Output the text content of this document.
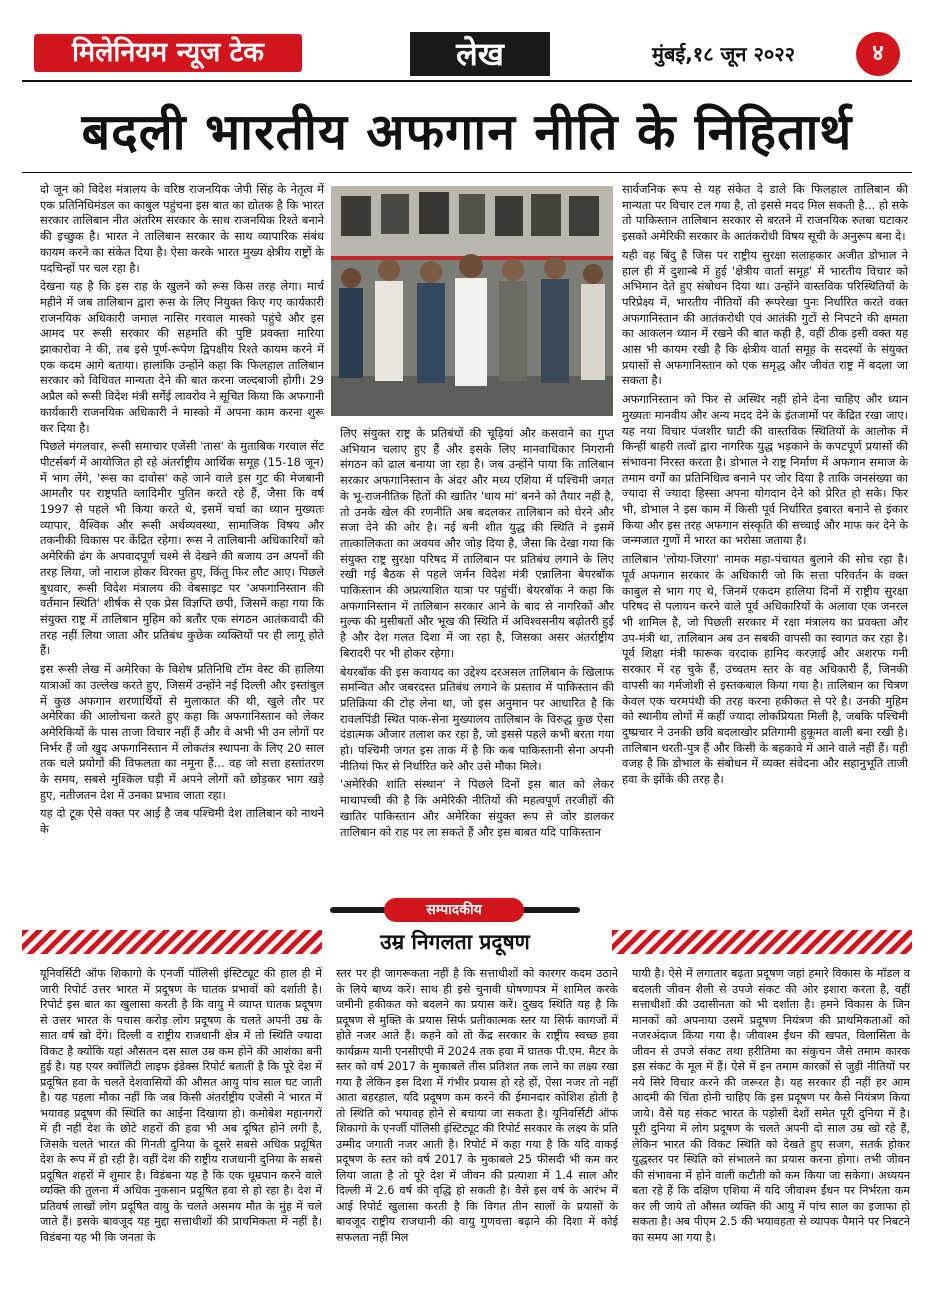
मिलेनियम न्यूज टेक	लेख	मुंबई,१८ जून २०२२	४
बदली भारतीय अफगान नीति के निहितार्थ

दो जून को विदेश मंत्रालय के वरिष्ठ राजनयिक जेपी सिंह के नेतृत्व में एक प्रतिनिधिमंडल का काबुल पहुंचना इस बात का द्योतक है कि भारत सरकार तालिबान नीत अंतरिम सरकार के साथ राजनयिक रिश्ते बनाने की इच्छुक है। भारत ने तालिबान सरकार के साथ व्यापारिक संबंध कायम करने का संकेत दिया है। ऐसा करके भारत मुख्य क्षेत्रीय राष्ट्रों के पदचिन्हों पर चल रहा है।

देखना यह है कि इस राह के खुलने को रूस किस तरह लेगा। मार्च महीने में जब तालिबान द्वारा रूस के लिए नियुक्त किए गए कार्यकारी राजनयिक अधिकारी जमाल नासिर गरवाल मास्को पहुंचे और इस आमद पर रूसी सरकार की सहमति की पुष्टि प्रवक्ता मारिया झाकारोवा ने की, तब इसे पूर्ण-रूपेण द्विपक्षीय रिश्ते कायम करने में एक कदम आगे बताया। हालांकि उन्होंने कहा कि फिलहाल तालिबान सरकार को विधिवत मान्यता देने की बात करना जल्दबाजी होगी। 29 अप्रैल को रूसी विदेश मंत्री सर्गेई लावरोव ने सूचित किया कि अफगानी कार्यकारी राजनयिक अधिकारी ने मास्को में अपना काम करना शुरू कर दिया है।

पिछले मंगलवार, रूसी समाचार एजेंसी 'तास' के मुताबिक गरवाल सेंट पीटर्सबर्ग में आयोजित हो रहे अंतर्राष्ट्रीय आर्थिक समूह (15-18 जून) में भाग लेंगे, 'रूस का दावोस' कहे जाने वाले इस गुट की मेजबानी आमतौर पर राष्ट्रपति व्लादिमीर पुतिन करते रहे हैं, जैसा कि वर्ष 1997 से पहले भी किया करते थे, इसमें चर्चा का ध्यान मुख्यतः व्यापार, वैश्विक और रूसी अर्थव्यवस्था, सामाजिक विषय और तकनीकी विकास पर केंद्रित रहेगा। रूस ने तालिबानी अधिकारियों को अमेरिकी ढंग के अपवादपूर्ण चश्मे से देखने की बजाय उन अपनों की तरह लिया, जो नाराज होकर विरक्त हुए, किंतु फिर लौट आए। पिछले बुधवार, रूसी विदेश मंत्रालय की वेबसाइट पर 'अफगानिस्तान की वर्तमान स्थिति' शीर्षक से एक प्रेस विज्ञप्ति छपी, जिसमें कहा गया कि संयुक्त राष्ट्र में तालिबान मुहिम को बतौर एक संगठन आतंकवादी की तरह नहीं लिया जाता और प्रतिबंध कुछेक व्यक्तियों पर ही लागू होते हैं।

इस रूसी लेख में अमेरिका के विशेष प्रतिनिधि टॉम वेस्ट की हालिया यात्राओं का उल्लेख करते हुए, जिसमें उन्होंने नई दिल्ली और इस्तांबुल में कुछ अफगान शरणार्थियों से मुलाकात की थी, खुले तौर पर अमेरिका की आलोचना करते हुए कहा कि अफगानिस्तान को लेकर अमेरिकियों के पास ताजा विचार नहीं हैं और वे अभी भी उन लोगों पर निर्भर हैं जो खुद अफगानिस्तान में लोकतंत्र स्थापना के लिए 20 साल तक चले प्रयोगों की विफलता का नमूना हैं... वह जो सत्ता हस्तांतरण के समय, सबसे मुश्किल घड़ी में अपने लोगों को छोड़कर भाग खड़े हुए, नतीजतन देश में उनका प्रभाव जाता रहा।

यह दो टूक ऐसे वक्त पर आई है जब पश्चिमी देश तालिबान को नाथने के

लिए संयुक्त राष्ट्र के प्रतिबंधों की चूड़ियां और कसवाने का गुप्त अभियान चलाए हुए हैं और इसके लिए मानवाधिकार निगरानी संगठन को ढाल बनाया जा रहा है। जब उन्होंने पाया कि तालिबान सरकार अफगानिस्तान के अंदर और मध्य एशिया में पश्चिमी जगत के भू-राजनीतिक हितों की खातिर 'धाय मां' बनने को तैयार नहीं है, तो उनके खेल की रणनीति अब बदलकर तालिबान को घेरने और सजा देने की ओर है। नई बनी शीत युद्ध की स्थिति ने इसमें तात्कालिकता का अवयव और जोड़ दिया है, जैसा कि देखा गया कि संयुक्त राष्ट्र सुरक्षा परिषद में तालिबान पर प्रतिबंध लगाने के लिए रखी गई बैठक से पहले जर्मन विदेश मंत्री एन्नालिना बेयरबॉक पाकिस्तान की अप्रत्याशित यात्रा पर पहुंचीं। बेयरबॉक ने कहा कि अफगानिस्तान में तालिबान सरकार आने के बाद से नागरिकों और मुल्क की मुसीबतों और भूख की स्थिति में अविश्वसनीय बढ़ोतरी हुई है और देश गलत दिशा में जा रहा है, जिसका असर अंतर्राष्ट्रीय बिरादरी पर भी होकर रहेगा।

बेयरबॉक की इस कवायद का उद्देश्य दरअसल तालिबान के खिलाफ समन्वित और जबरदस्त प्रतिबंध लगाने के प्रस्ताव में पाकिस्तान की प्रतिक्रिया की टोह लेना था, जो इस अनुमान पर आधारित है कि रावलपिंडी स्थित पाक-सेना मुख्यालय तालिबान के विरुद्ध कुछ ऐसा दंडात्मक औजार तलाश कर रहा है, जो इससे पहले कभी बरता गया हो। पश्चिमी जगत इस ताक में है कि कब पाकिस्तानी सेना अपनी नीतियां फिर से निर्धारित करे और उसे मौका मिले।

'अमेरिकी शांति संस्थान' ने पिछले दिनों इस बात को लेकर माथापच्ची की है कि अमेरिकी नीतियों की महत्वपूर्ण तरजीहों की खातिर पाकिस्तान और अमेरिका संयुक्त रूप से जोर डालकर तालिबान को राह पर ला सकते हैं और इस बाबत यदि पाकिस्तान

सार्वजनिक रूप से यह संकेत दे डाले कि फिलहाल तालिबान की मान्यता पर विचार टल गया है, तो इससे मदद मिल सकती है... हो सके तो पाकिस्तान तालिबान सरकार से बरतने में राजनयिक रुतबा घटाकर इसको अमेरिकी सरकार के आतंकरोधी विषय सूची के अनुरूप बना दे।

यही वह बिंदु है जिस पर राष्ट्रीय सुरक्षा सलाहकार अजीत डोभाल ने हाल ही में दुशान्बे में हुई 'क्षेत्रीय वार्ता समूह' में भारतीय विचार को अभिमान देते हुए संबोधन दिया था। उन्होंने वास्तविक परिस्थितियों के परिप्रेक्ष्य में, भारतीय नीतियों की रूपरेखा पुनः निर्धारित करते वक्त अफगानिस्तान की आतंकरोधी एवं आतंकी गुटों से निपटने की क्षमता का आकलन ध्यान में रखने की बात कही है, वहीं ठीक इसी वक्त यह आस भी कायम रखी है कि क्षेत्रीय वार्ता समूह के सदस्यों के संयुक्त प्रयासों से अफगानिस्तान को एक समृद्ध और जीवंत राष्ट्र में बदला जा सकता है।

अफगानिस्तान को फिर से अस्थिर नहीं होने देना चाहिए और ध्यान मुख्यतः मानवीय और अन्य मदद देने के इंतजामों पर केंद्रित रखा जाए। यह नया विचार पंजशीर घाटी की वास्तविक स्थितियों के आलोक में किन्हीं बाहरी तत्वों द्वारा नागरिक युद्ध भड़काने के कपटपूर्ण प्रयासों की संभावना निरस्त करता है। डोभाल ने राष्ट्र निर्माण में अफगान समाज के तमाम वर्गों का प्रतिनिधित्व बनाने पर जोर दिया है ताकि जनसंख्या का ज्यादा से ज्यादा हिस्सा अपना योगदान देने को प्रेरित हो सके। फिर भी, डोभाल ने इस काम में किसी पूर्व निर्धारित इबारत बनाने से इंकार किया और इस तरह अफगान संस्कृति की सच्चाई और माफ कर देने के जन्मजात गुणों में भारत का भरोसा जताया है।

तालिबान 'लोया-जिरगा' नामक महा-पंचायत बुलाने की सोच रहा है। पूर्व अफगान सरकार के अधिकारी जो कि सत्ता परिवर्तन के वक्त काबुल से भाग गए थे, जिनमें एकदम हालिया दिनों में राष्ट्रीय सुरक्षा परिषद से पलायन करने वाले पूर्व अधिकारियों के अलावा एक जनरल भी शामिल है, जो पिछली सरकार में रक्षा मंत्रालय का प्रवक्ता और उप-मंत्री था, तालिबान अब उन सबकी वापसी का स्वागत कर रहा है। पूर्व शिक्षा मंत्री फारूक वरदाक हामिद करज़ाई और अशरफ गनी सरकार में रह चुके हैं, उच्चतम स्तर के वह अधिकारी हैं, जिनकी वापसी का गर्मजोशी से इस्तकबाल किया गया है। तालिबान का चित्रण केवल एक चरमपंथी की तरह करना हकीकत से परे है। उनकी मुहिम को स्थानीय लोगों में कहीं ज्यादा लोकप्रियता मिली है, जबकि पश्चिमी दुष्प्रचार ने उनकी छवि बदलाखोर प्रतिगामी हुकूमत वाली बना रखी है। तालिबान धरती-पुत्र हैं और किसी के बहकावे में आने वाले नहीं हैं। यही वजह है कि डोभाल के संबोधन में व्यक्त संवेदना और सहानुभूति ताजी हवा के झोंके की तरह है।

सम्पादकीय
उम्र निगलता प्रदूषण

यूनिवर्सिटी ऑफ शिकागो के एनर्जी पॉलिसी इंस्टिट्यूट की हाल ही में जारी रिपोर्ट उत्तर भारत में प्रदूषण के घातक प्रभावों को दर्शाती है। रिपोर्ट इस बात का खुलासा करती है कि वायु में व्याप्त घातक प्रदूषण से उत्तर भारत के पचास करोड़ लोग प्रदूषण के चलते अपनी उम्र के सात वर्ष खो देंगे। दिल्ली व राष्ट्रीय राजधानी क्षेत्र में तो स्थिति ज्यादा विकट है क्योंकि यहां औसतन दस साल उम्र कम होने की आशंका बनी हुई है। यह एयर क्वॉलिटी लाइफ इंडेक्स रिपोर्ट बताती है कि पूरे देश में प्रदूषित हवा के चलते देशवासियों की औसत आयु पांच साल घट जाती है। यह पहला मौका नहीं कि जब किसी अंतर्राष्ट्रीय एजेंसी ने भारत में भयावह प्रदूषण की स्थिति का आईना दिखाया हो। कमोबेश महानगरों में ही नहीं देश के छोटे शहरों की हवा भी अब दूषित होने लगी है, जिसके चलते भारत की गिनती दुनिया के दूसरे सबसे अधिक प्रदूषित देश के रूप में हो रही है। वहीं देश की राष्ट्रीय राजधानी दुनिया के सबसे प्रदूषित शहरों में शुमार है। विडंबना यह है कि एक धूम्रपान करने वाले व्यक्ति की तुलना में अधिक नुकसान प्रदूषित हवा से हो रहा है। देश में प्रतिवर्ष लाखों लोग प्रदूषित वायु के चलते असमय मौत के मुंह में चले जाते हैं। इसके बावजूद यह मुद्दा सत्ताधीशों की प्राथमिकता में नहीं है। विडंबना यह भी कि जनता के

स्तर पर ही जागरूकता नहीं है कि सत्ताधीशों को कारगर कदम उठाने के लिये बाध्य करें। साथ ही इसे चुनावी घोषणापत्र में शामिल करके जमीनी हकीकत को बदलने का प्रयास करें। दुखद स्थिति यह है कि प्रदूषण से मुक्ति के प्रयास सिर्फ प्रतीकात्मक स्तर या सिर्फ कागजों में होते नजर आते हैं। कहने को तो केंद्र सरकार के राष्ट्रीय स्वच्छ हवा कार्यक्रम यानी एनसीएपी में 2024 तक हवा में घातक पी.एम. मैटर के स्तर को वर्ष 2017 के मुकाबले तीस प्रतिशत तक लाने का लक्ष्य रखा गया है लेकिन इस दिशा में गंभीर प्रयास हो रहे हों, ऐसा नजर तो नहीं आता बहरहाल, यदि प्रदूषण कम करने की ईमानदार कोशिश होती है तो स्थिति को भयावह होने से बचाया जा सकता है। यूनिवर्सिटी ऑफ शिकागो के एनर्जी पॉलिसी इंस्टिट्यूट की रिपोर्ट सरकार के लक्ष्य के प्रति उम्मीद जगाती नजर आती है। रिपोर्ट में कहा गया है कि यदि वाकई प्रदूषण के स्तर को वर्ष 2017 के मुकाबले 25 फीसदी भी कम कर लिया जाता है तो पूरे देश में जीवन की प्रत्याशा में 1.4 साल और दिल्ली में 2.6 वर्ष की वृद्धि हो सकती है। वैसे इस वर्ष के आरंभ में आई रिपोर्ट खुलासा करती है कि विगत तीन सालों के प्रयासों के बावजूद राष्ट्रीय राजधानी की वायु गुणवत्ता बढ़ाने की दिशा में कोई सफलता नहीं मिल

पायी है। ऐसे में लगातार बढ़ता प्रदूषण जहां हमारे विकास के मॉडल व बदलती जीवन शैली से उपजे संकट की ओर इशारा करता है, वहीं सत्ताधीशों की उदासीनता को भी दर्शाता है। हमने विकास के जिन मानकों को अपनाया उसमें प्रदूषण नियंत्रण की प्राथमिकताओं को नजरअंदाज किया गया है। जीवाश्म ईंधन की खपत, विलासिता के जीवन से उपजे संकट तथा हरीतिमा का संकुचन जैसे तमाम कारक इस संकट के मूल में हैं। ऐसे में इन तमाम कारकों से जुड़ी नीतियों पर नये सिरे विचार करने की जरूरत है। यह सरकार ही नहीं हर आम आदमी की चिंता होनी चाहिए कि इस प्रदूषण पर कैसे नियंत्रण किया जाये। वैसे यह संकट भारत के पड़ोसी देशों समेत पूरी दुनिया में है। पूरी दुनिया में लोग प्रदूषण के चलते अपनी दो साल उम्र खो रहे हैं, लेकिन भारत की विकट स्थिति को देखते हुए सजग, सतर्क होकर युद्धस्तर पर स्थिति को संभालने का प्रयास करना होगा। तभी जीवन की संभावना में होने वाली कटौती को कम किया जा सकेगा। अध्ययन बता रहे हैं कि दक्षिण एशिया में यदि जीवाश्म ईंधन पर निर्भरता कम कर ली जाये तो औसत व्यक्ति की आयु में पांच साल का इजाफा हो सकता है। अब पीएम 2.5 की भयावहता से व्यापक पैमाने पर निबटने का समय आ गया है।
